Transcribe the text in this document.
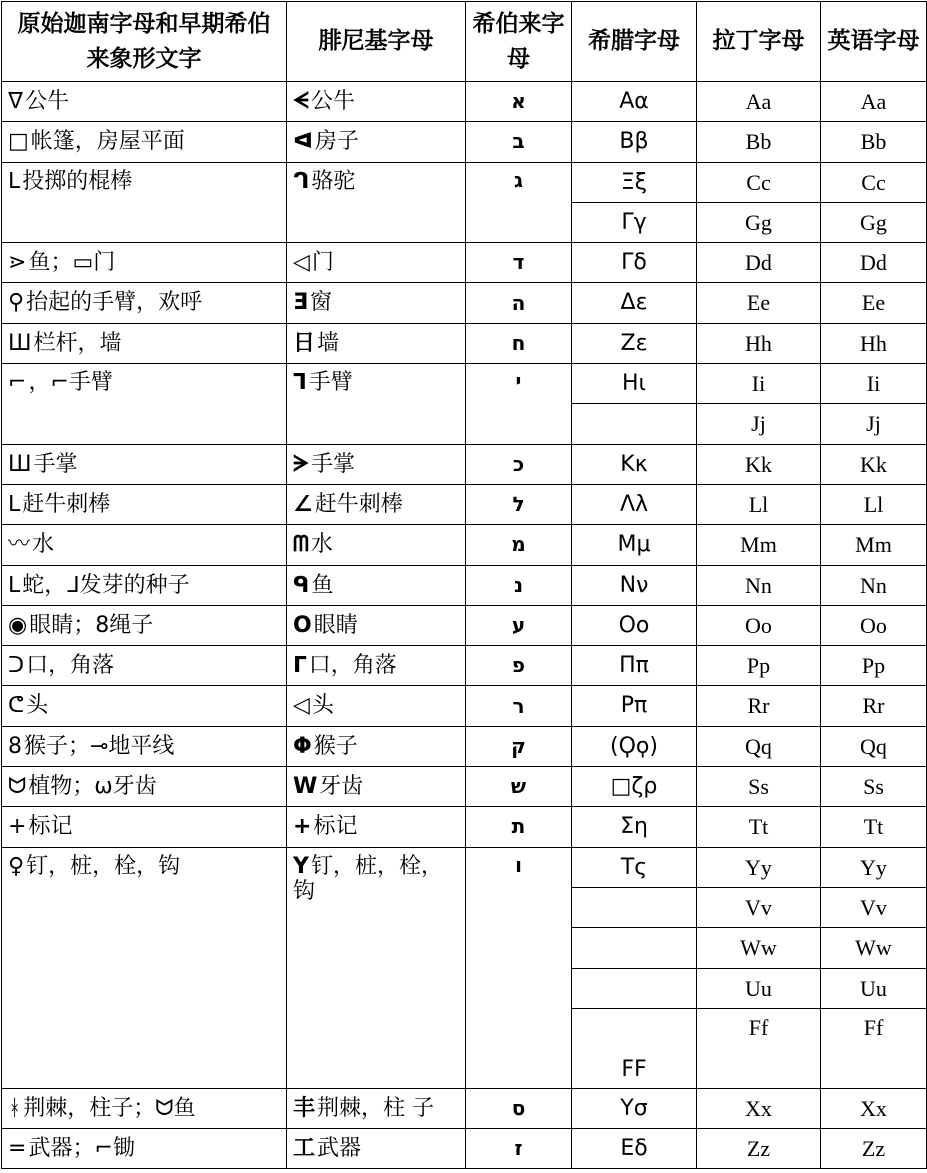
原始迦南字母和早期希伯来象形文字	腓尼基字母	希伯来字母	希腊字母	拉丁字母	英语字母
ᐁ公牛	ᗕ公牛	א	Αα	Aa	Aa
□帐篷，房屋平面	ᐊ房子	ב	Ββ	Bb	Bb
ᒪ投掷的棍棒	ᒉ骆驼	ג	Ξξ	Cc	Cc
			Γγ	Gg	Gg
⋗鱼；▭门	◁门	ד	Γδ	Dd	Dd
⚲抬起的手臂，欢呼	Ǝ窗	ה	Δε	Ee	Ee
Ш栏杆，墙	日墙	ח	Ζε	Hh	Hh
⌐，⌐手臂	ᒣ手臂	י	Ηι	Ii	Ii
				Jj	Jj
Ш手掌	ᗒ手掌	כ	Κκ	Kk	Kk
ᒪ赶牛刺棒	∠赶牛刺棒	ל	Λλ	Ll	Ll
〰水	ᗰ水	מ	Μμ	Mm	Mm
ᒪ蛇，ᒧ发芽的种子	ᑫ鱼	נ	Νν	Nn	Nn
◉眼睛；8绳子	O眼睛	ע	Οο	Oo	Oo
ᑐ口，角落	ᒥ口，角落	פ	Ππ	Pp	Pp
ᕦ头	◁头	ר	Ρπ	Rr	Rr
8猴子；⊸地平线	Φ猴子	ק	(Ϙϙ)	Qq	Qq
ᗢ植物；ω牙齿	W牙齿	ש	□ζρ	Ss	Ss
+标记	+标记	ת	Ση	Tt	Tt
♀钉，桩，栓，钩	Y钉，桩，栓，钩	ו	Τς	Yy	Yy
				Vv	Vv
				Ww	Ww
				Uu	Uu
			FϜ	Ff	Ff
ᚼ荆棘，柱子；ᗢ鱼	丰荆棘，柱 子	ס	Υσ	Xx	Xx
=武器；⌐锄	工武器	ז	Εδ	Zz	Zz
